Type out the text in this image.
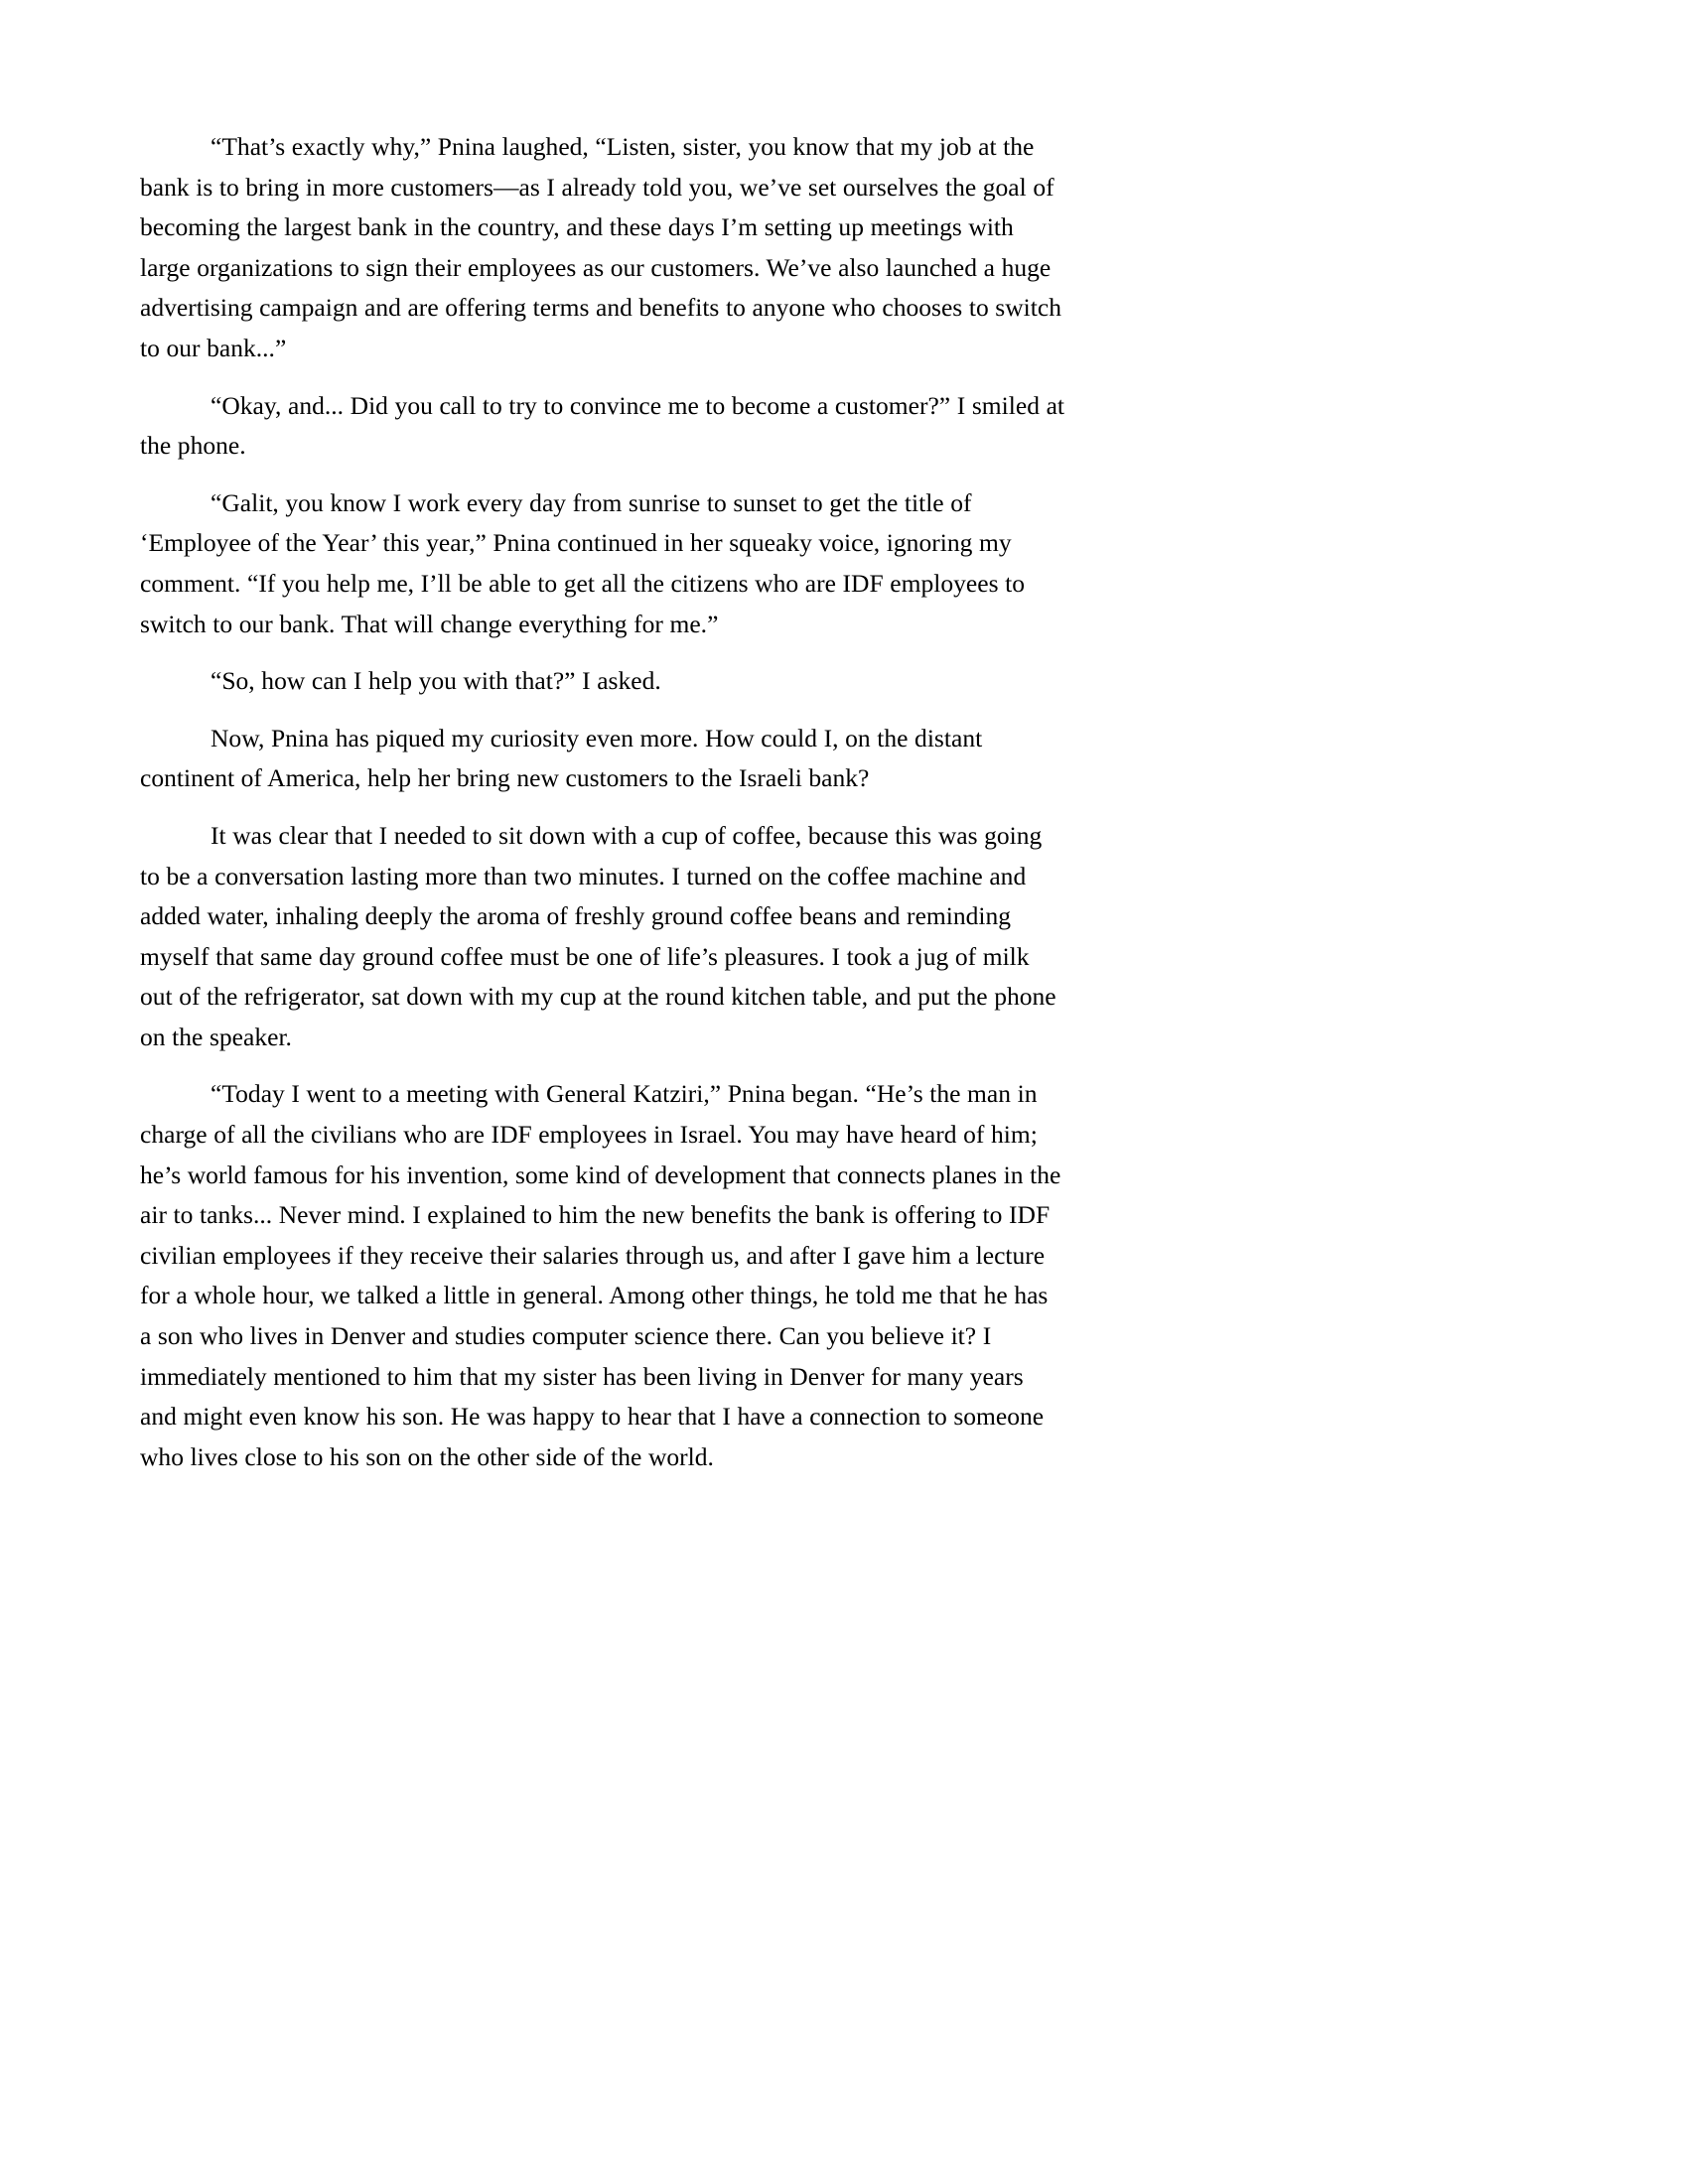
“That’s exactly why,” Pnina laughed, “Listen, sister, you know that my job at the bank is to bring in more customers—as I already told you, we’ve set ourselves the goal of becoming the largest bank in the country, and these days I’m setting up meetings with large organizations to sign their employees as our customers. We’ve also launched a huge advertising campaign and are offering terms and benefits to anyone who chooses to switch to our bank...”

“Okay, and... Did you call to try to convince me to become a customer?” I smiled at the phone.

“Galit, you know I work every day from sunrise to sunset to get the title of ‘Employee of the Year’ this year,” Pnina continued in her squeaky voice, ignoring my comment. “If you help me, I’ll be able to get all the citizens who are IDF employees to switch to our bank. That will change everything for me.”

“So, how can I help you with that?” I asked.

Now, Pnina has piqued my curiosity even more. How could I, on the distant continent of America, help her bring new customers to the Israeli bank?

It was clear that I needed to sit down with a cup of coffee, because this was going to be a conversation lasting more than two minutes. I turned on the coffee machine and added water, inhaling deeply the aroma of freshly ground coffee beans and reminding myself that same day ground coffee must be one of life’s pleasures. I took a jug of milk out of the refrigerator, sat down with my cup at the round kitchen table, and put the phone on the speaker.

“Today I went to a meeting with General Katziri,” Pnina began. “He’s the man in charge of all the civilians who are IDF employees in Israel. You may have heard of him; he’s world famous for his invention, some kind of development that connects planes in the air to tanks... Never mind. I explained to him the new benefits the bank is offering to IDF civilian employees if they receive their salaries through us, and after I gave him a lecture for a whole hour, we talked a little in general. Among other things, he told me that he has a son who lives in Denver and studies computer science there. Can you believe it? I immediately mentioned to him that my sister has been living in Denver for many years and might even know his son. He was happy to hear that I have a connection to someone who lives close to his son on the other side of the world.
